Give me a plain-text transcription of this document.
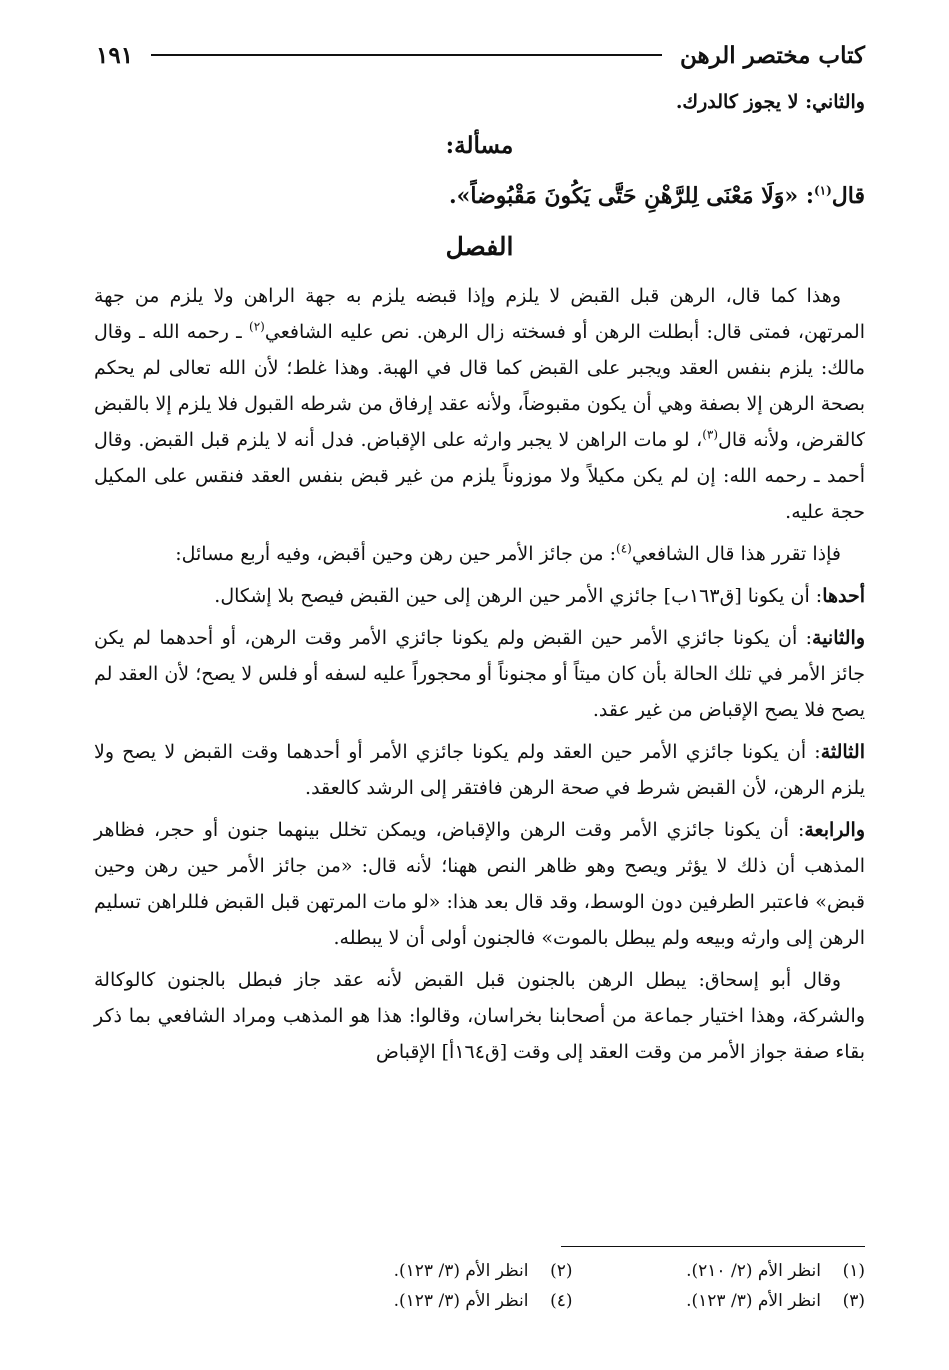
كتاب مختصر الرهن
١٩١

والثاني: لا يجوز كالدرك.

مسألة:

قال$^{(١)}$: «وَلَا مَعْنَى لِلرَّهْنِ حَتَّى يَكُونَ مَقْبُوضاً».

الفصل

وهذا كما قال، الرهن قبل القبض لا يلزم وإذا قبضه يلزم به جهة الراهن ولا يلزم من جهة المرتهن، فمتى قال: أبطلت الرهن أو فسخته زال الرهن. نص عليه الشافعي$^{(٢)}$ ـ رحمه الله ـ وقال مالك: يلزم بنفس العقد ويجبر على القبض كما قال في الهبة. وهذا غلط؛ لأن الله تعالى لم يحكم بصحة الرهن إلا بصفة وهي أن يكون مقبوضاً، ولأنه عقد إرفاق من شرطه القبول فلا يلزم إلا بالقبض كالقرض، ولأنه قال$^{(٣)}$، لو مات الراهن لا يجبر وارثه على الإقباض. فدل أنه لا يلزم قبل القبض. وقال أحمد ـ رحمه الله: إن لم يكن مكيلاً ولا موزوناً يلزم من غير قبض بنفس العقد فنقس على المكيل حجة عليه.

فإذا تقرر هذا قال الشافعي$^{(٤)}$: من جائز الأمر حين رهن وحين أقبض، وفيه أربع مسائل:

أحدها: أن يكونا [ق١٦٣ب] جائزي الأمر حين الرهن إلى حين القبض فيصح بلا إشكال.

والثانية: أن يكونا جائزي الأمر حين القبض ولم يكونا جائزي الأمر وقت الرهن، أو أحدهما لم يكن جائز الأمر في تلك الحالة بأن كان ميتاً أو مجنوناً أو محجوراً عليه لسفه أو فلس لا يصح؛ لأن العقد لم يصح فلا يصح الإقباض من غير عقد.

الثالثة: أن يكونا جائزي الأمر حين العقد ولم يكونا جائزي الأمر أو أحدهما وقت القبض لا يصح ولا يلزم الرهن، لأن القبض شرط في صحة الرهن فافتقر إلى الرشد كالعقد.

والرابعة: أن يكونا جائزي الأمر وقت الرهن والإقباض، ويمكن تخلل بينهما جنون أو حجر، فظاهر المذهب أن ذلك لا يؤثر ويصح وهو ظاهر النص ههنا؛ لأنه قال: «من جائز الأمر حين رهن وحين قبض» فاعتبر الطرفين دون الوسط، وقد قال بعد هذا: «لو مات المرتهن قبل القبض فللراهن تسليم الرهن إلى وارثه وبيعه ولم يبطل بالموت» فالجنون أولى أن لا يبطله.

وقال أبو إسحاق: يبطل الرهن بالجنون قبل القبض لأنه عقد جاز فبطل بالجنون كالوكالة والشركة، وهذا اختيار جماعة من أصحابنا بخراسان، وقالوا: هذا هو المذهب ومراد الشافعي بما ذكر بقاء صفة جواز الأمر من وقت العقد إلى وقت [ق١٦٤أ] الإقباض

(١)انظر الأم (٢/ ٢١٠).
(٢)انظر الأم (٣/ ١٢٣).
(٣)انظر الأم (٣/ ١٢٣).
(٤)انظر الأم (٣/ ١٢٣).
